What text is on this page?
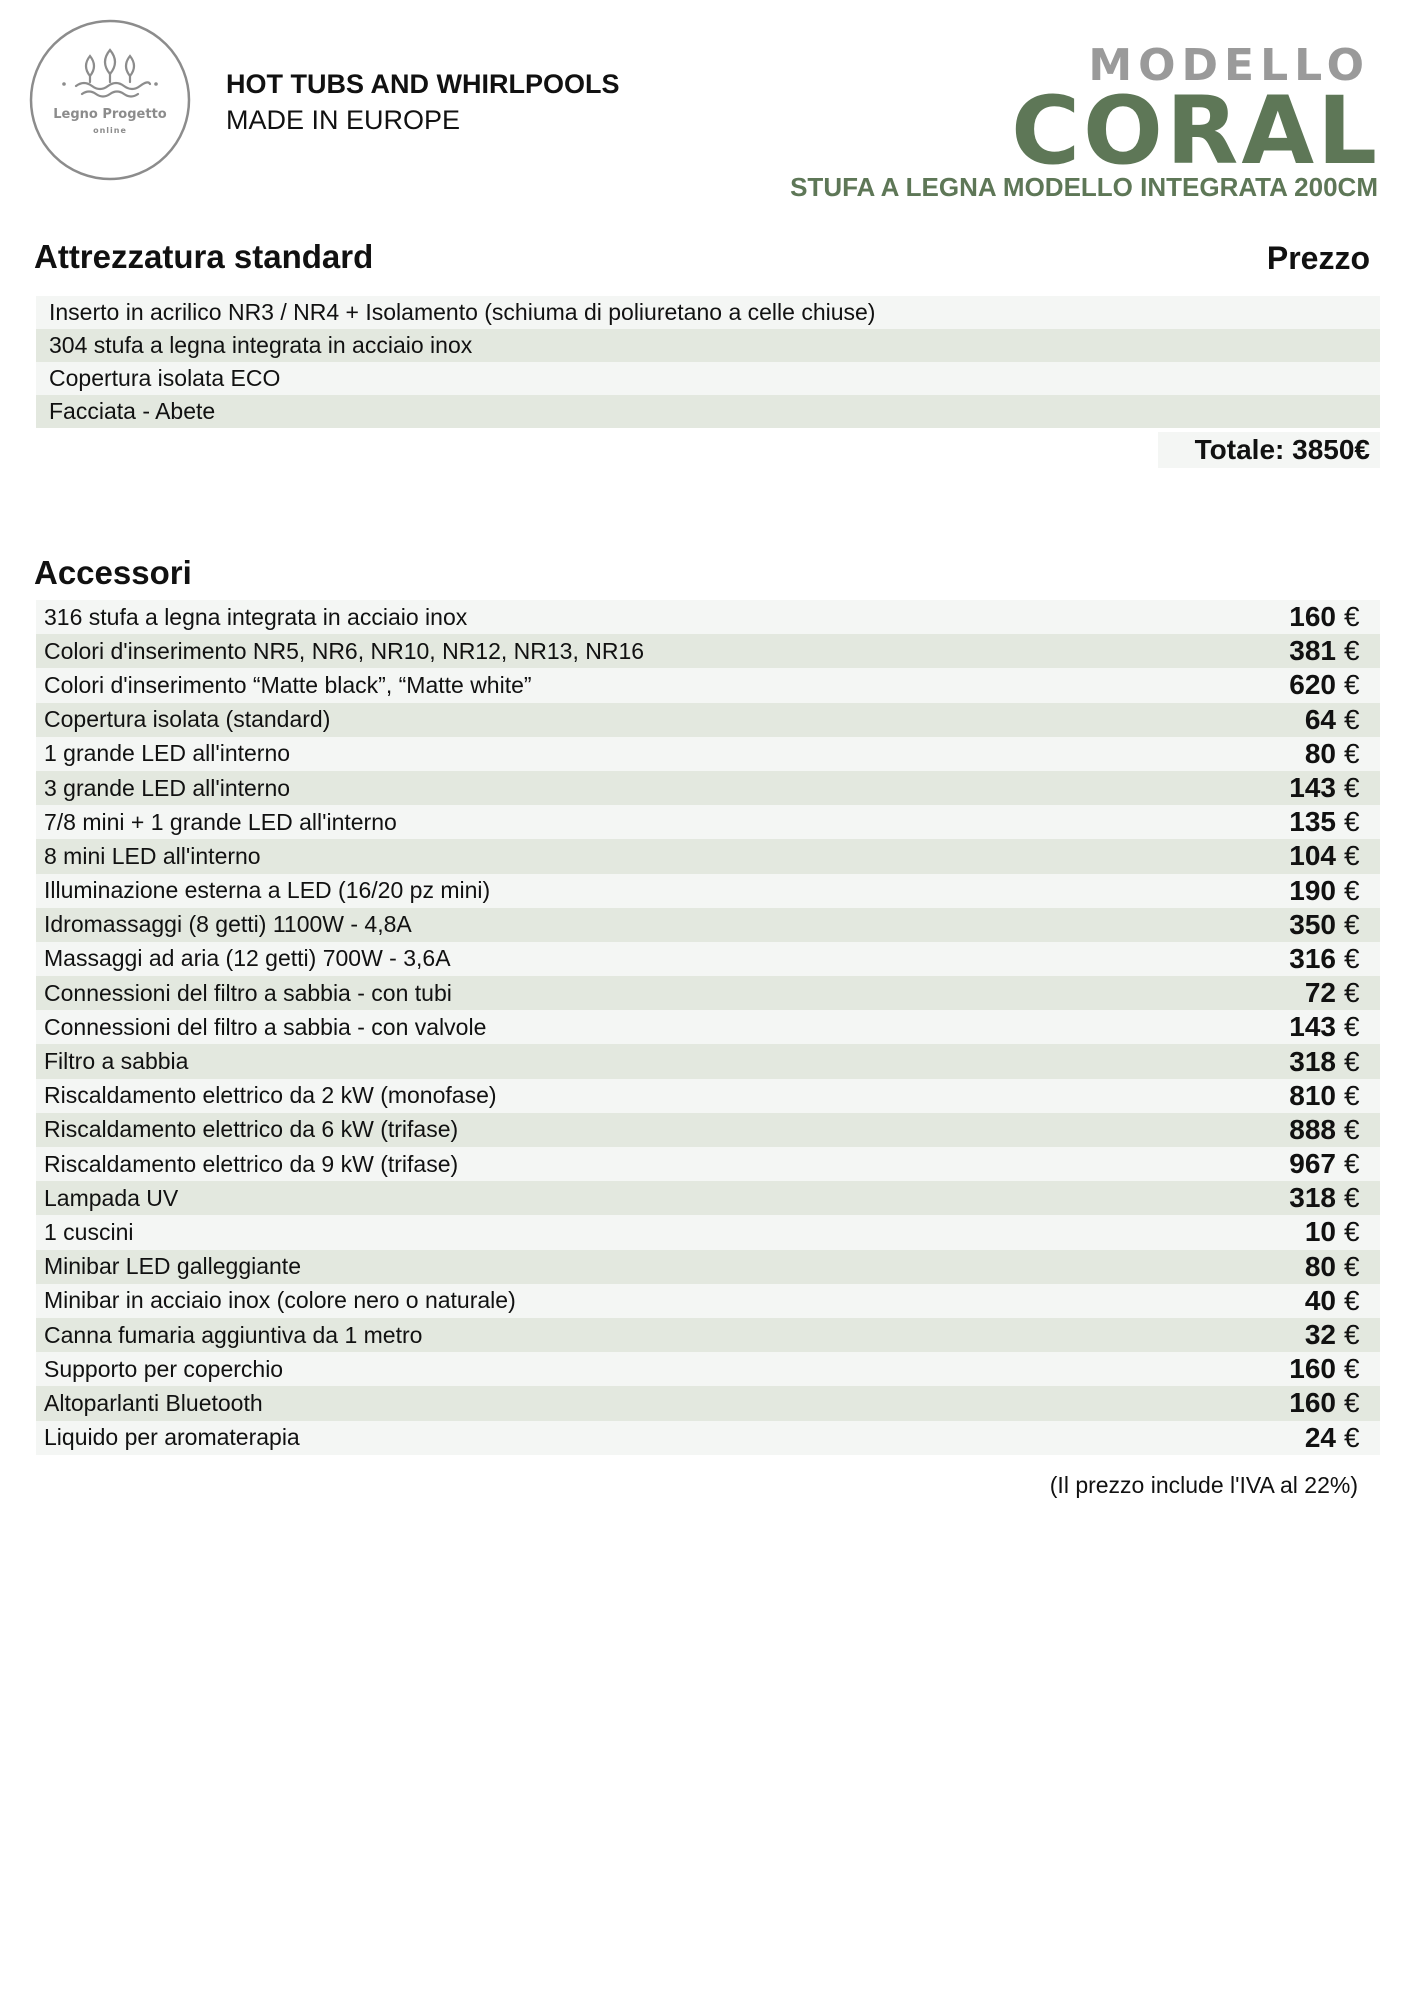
Legno Progetto
online
HOT TUBS AND WHIRLPOOLS
MADE IN EUROPE
MODELLO
CORAL
STUFA A LEGNA MODELLO INTEGRATA 200CM
Attrezzatura standard	Prezzo
Inserto in acrilico NR3 / NR4 + Isolamento (schiuma di poliuretano a celle chiuse)
304 stufa a legna integrata in acciaio inox
Copertura isolata ECO
Facciata - Abete
Totale: 3850€
Accessori
316 stufa a legna integrata in acciaio inox	160 €
Colori d'inserimento NR5, NR6, NR10, NR12, NR13, NR16	381 €
Colori d'inserimento “Matte black”, “Matte white”	620 €
Copertura isolata (standard)	64 €
1 grande LED all'interno	80 €
3 grande LED all'interno	143 €
7/8 mini + 1 grande LED all'interno	135 €
8 mini LED all'interno	104 €
Illuminazione esterna a LED (16/20 pz mini)	190 €
Idromassaggi (8 getti) 1100W - 4,8A	350 €
Massaggi ad aria (12 getti) 700W - 3,6A	316 €
Connessioni del filtro a sabbia - con tubi	72 €
Connessioni del filtro a sabbia - con valvole	143 €
Filtro a sabbia	318 €
Riscaldamento elettrico da 2 kW (monofase)	810 €
Riscaldamento elettrico da 6 kW (trifase)	888 €
Riscaldamento elettrico da 9 kW (trifase)	967 €
Lampada UV	318 €
1 cuscini	10 €
Minibar LED galleggiante	80 €
Minibar in acciaio inox (colore nero o naturale)	40 €
Canna fumaria aggiuntiva da 1 metro	32 €
Supporto per coperchio	160 €
Altoparlanti Bluetooth	160 €
Liquido per aromaterapia	24 €
(Il prezzo include l'IVA al 22%)
